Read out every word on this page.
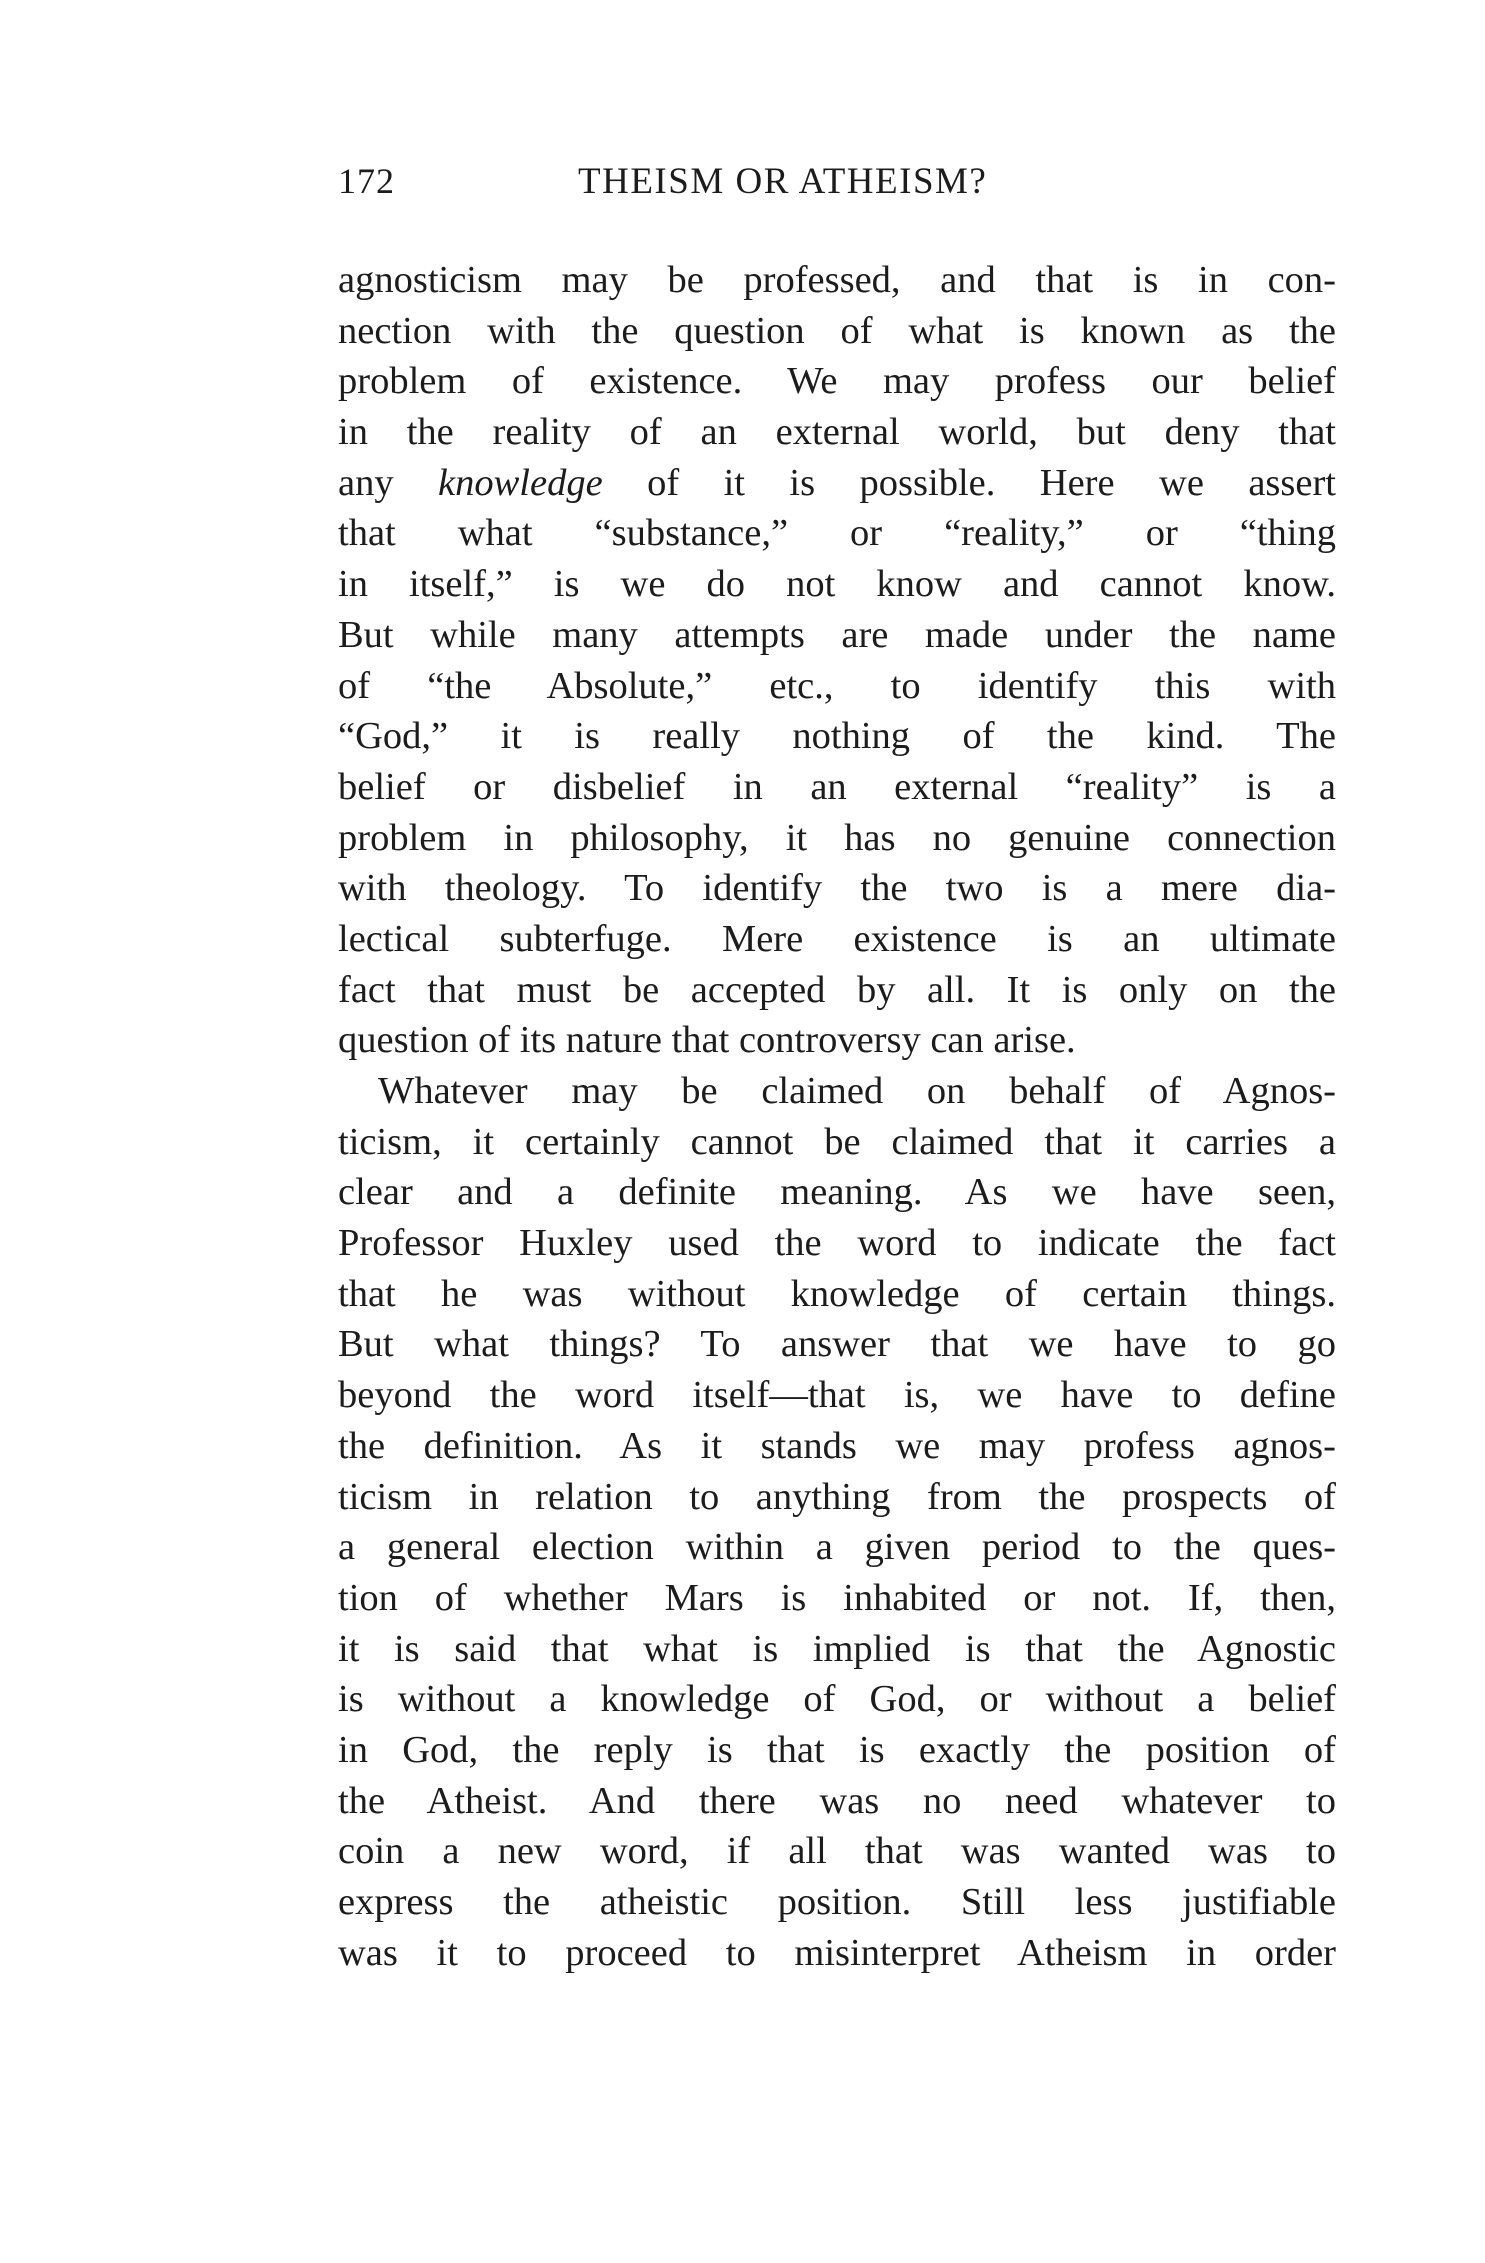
172	THEISM OR ATHEISM?
agnosticism may be professed, and that is in con-
nection with the question of what is known as the
problem of existence. We may profess our belief
in the reality of an external world, but deny that
any knowledge of it is possible. Here we assert
that what “substance,” or “reality,” or “thing
in itself,” is we do not know and cannot know.
But while many attempts are made under the name
of “the Absolute,” etc., to identify this with
“God,” it is really nothing of the kind. The
belief or disbelief in an external “reality” is a
problem in philosophy, it has no genuine connection
with theology. To identify the two is a mere dia-
lectical subterfuge. Mere existence is an ultimate
fact that must be accepted by all. It is only on the
question of its nature that controversy can arise.
Whatever may be claimed on behalf of Agnos-
ticism, it certainly cannot be claimed that it carries a
clear and a definite meaning. As we have seen,
Professor Huxley used the word to indicate the fact
that he was without knowledge of certain things.
But what things? To answer that we have to go
beyond the word itself—that is, we have to define
the definition. As it stands we may profess agnos-
ticism in relation to anything from the prospects of
a general election within a given period to the ques-
tion of whether Mars is inhabited or not. If, then,
it is said that what is implied is that the Agnostic
is without a knowledge of God, or without a belief
in God, the reply is that is exactly the position of
the Atheist. And there was no need whatever to
coin a new word, if all that was wanted was to
express the atheistic position. Still less justifiable
was it to proceed to misinterpret Atheism in order
